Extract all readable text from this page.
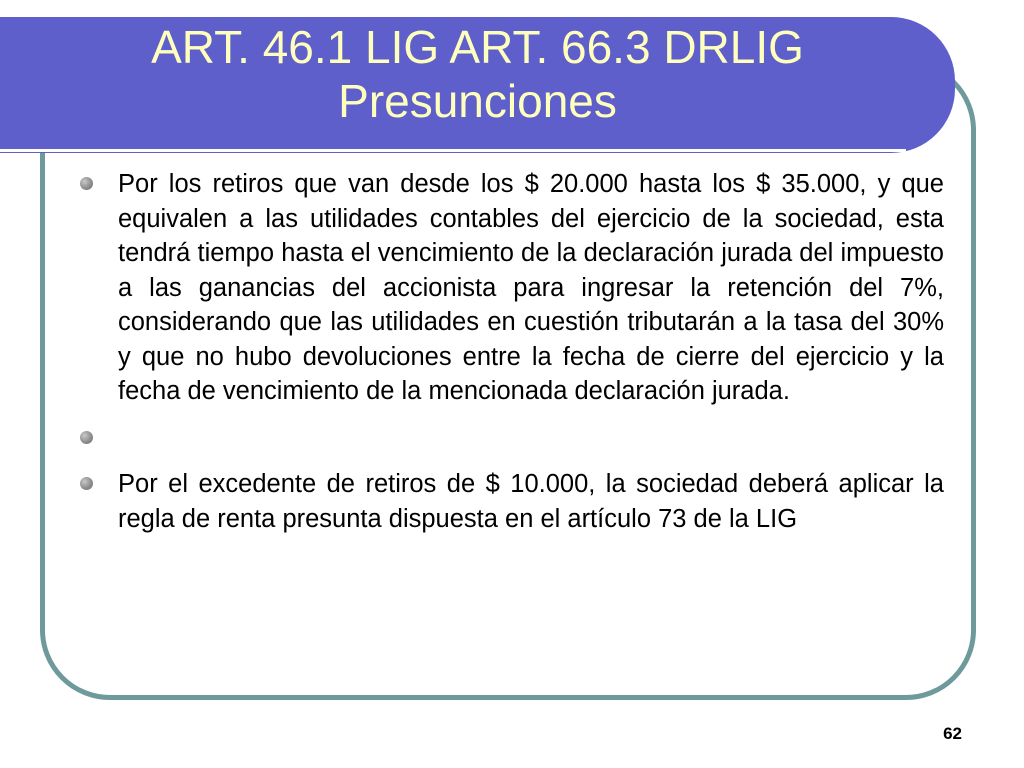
ART. 46.1 LIG ART. 66.3 DRLIG
Presunciones
Por los retiros que van desde los $ 20.000 hasta los $ 35.000, y que equivalen a las utilidades contables del ejercicio de la sociedad, esta tendrá tiempo hasta el vencimiento de la declaración jurada del impuesto a las ganancias del accionista para ingresar la retención del 7%, considerando que las utilidades en cuestión tributarán a la tasa del 30% y que no hubo devoluciones entre la fecha de cierre del ejercicio y la fecha de vencimiento de la mencionada declaración jurada.
Por el excedente de retiros de $ 10.000, la sociedad deberá aplicar la regla de renta presunta dispuesta en el artículo 73 de la LIG
62
